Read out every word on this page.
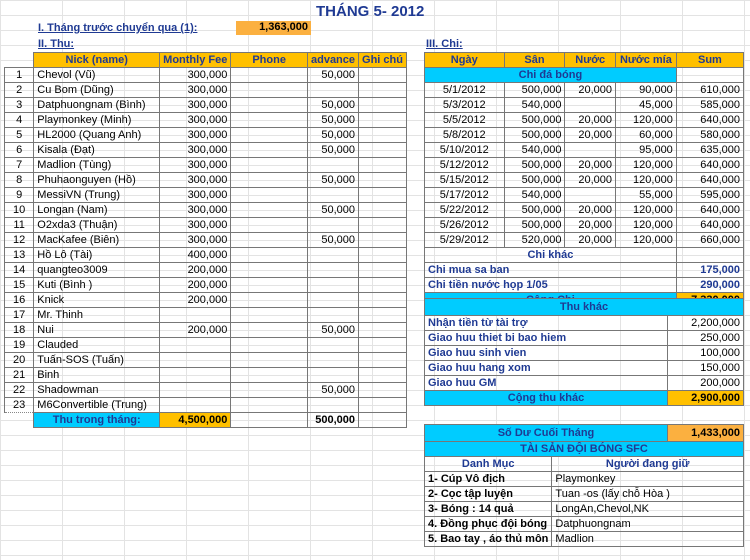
THÁNG 5- 2012
I. Tháng trước chuyển qua (1):	1,363,000
II. Thu:	III. Chi:
	Nick (name)	Monthly Fee	Phone	advance	Ghi chú
1	Chevol (Vũ)	300,000		50,000	
2	Cu Bom (Dũng)	300,000			
3	Datphuongnam (Bình)	300,000		50,000	
4	Playmonkey (Minh)	300,000		50,000	
5	HL2000 (Quang Anh)	300,000		50,000	
6	Kisala (Đạt)	300,000		50,000	
7	Madlion (Tùng)	300,000			
8	Phuhaonguyen (Hồ)	300,000		50,000	
9	MessiVN (Trung)	300,000			
10	Longan (Nam)	300,000		50,000	
11	O2xda3 (Thuận)	300,000			
12	MacKafee (Biên)	300,000		50,000	
13	Hồ Lô (Tài)	400,000			
14	quangteo3009	200,000			
15	Kuti (Bình )	200,000			
16	Knick	200,000			
17	Mr. Thinh				
18	Nui	200,000		50,000	
19	Clauded				
20	Tuấn-SOS (Tuấn)				
21	Binh				
22	Shadowman			50,000	
23	M6Convertible (Trung)				
	Thu trong tháng:	4,500,000		500,000	
Ngày	Sân	Nước	Nước mía	Sum
Chi đá bóng				
5/1/2012	500,000	20,000	90,000	610,000
5/3/2012	540,000		45,000	585,000
5/5/2012	500,000	20,000	120,000	640,000
5/8/2012	500,000	20,000	60,000	580,000
5/10/2012	540,000		95,000	635,000
5/12/2012	500,000	20,000	120,000	640,000
5/15/2012	500,000	20,000	120,000	640,000
5/17/2012	540,000		55,000	595,000
5/22/2012	500,000	20,000	120,000	640,000
5/26/2012	500,000	20,000	120,000	640,000
5/29/2012	520,000	20,000	120,000	660,000
Chi khác				
Chi mua sa ban				175,000
Chi tiền nước họp 1/05				290,000

Thu khác	
Nhận tiền từ tài trợ	2,200,000
Giao huu thiet bi bao hiem	250,000
Giao huu sinh vien	100,000
Giao huu hang xom	150,000
Giao huu GM	200,000
Cộng thu khác	2,900,000
Số Dư Cuối Tháng	1,433,000
TÀI SẢN ĐỘI BÓNG SFC	
Danh Mục	Người đang giữ
1- Cúp Vô địch	Playmonkey
2- Cọc tập luyện	Tuan -os (lấy chỗ Hòa )
3- Bóng : 14 quả	LongAn,Chevol,NK
4. Đồng phục đội bóng	Datphuongnam
5. Bao tay , áo thủ môn	Madlion
